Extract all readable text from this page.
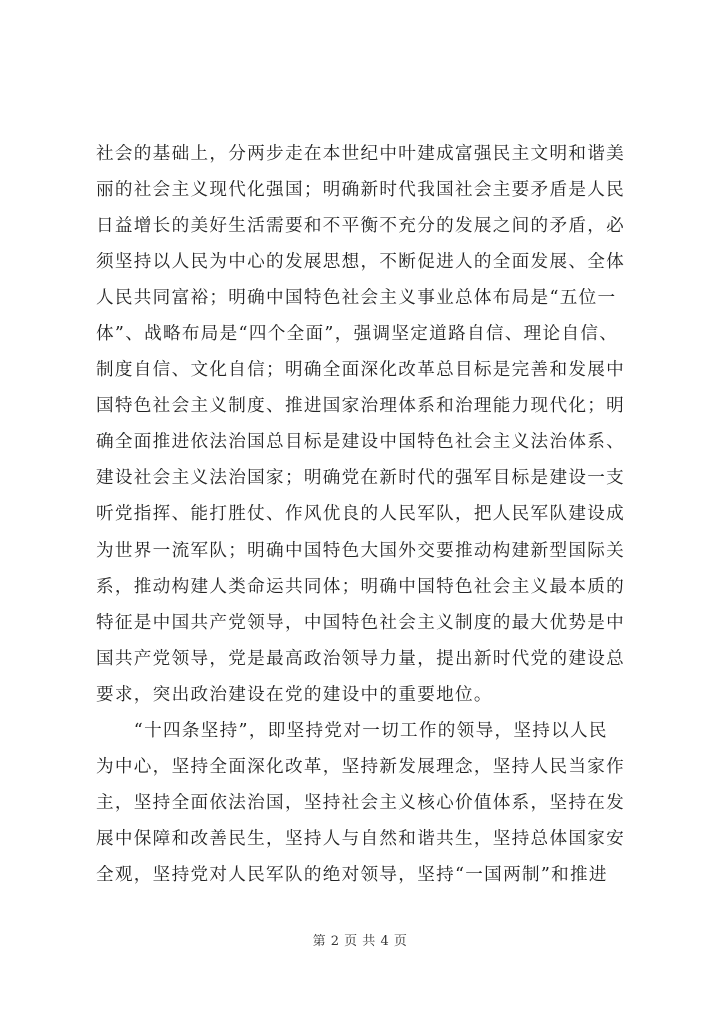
社会的基础上，分两步走在本世纪中叶建成富强民主文明和谐美
丽的社会主义现代化强国；明确新时代我国社会主要矛盾是人民
日益增长的美好生活需要和不平衡不充分的发展之间的矛盾，必
须坚持以人民为中心的发展思想，不断促进人的全面发展、全体
人民共同富裕；明确中国特色社会主义事业总体布局是“五位一
体”、战略布局是“四个全面”，强调坚定道路自信、理论自信、
制度自信、文化自信；明确全面深化改革总目标是完善和发展中
国特色社会主义制度、推进国家治理体系和治理能力现代化；明
确全面推进依法治国总目标是建设中国特色社会主义法治体系、
建设社会主义法治国家；明确党在新时代的强军目标是建设一支
听党指挥、能打胜仗、作风优良的人民军队，把人民军队建设成
为世界一流军队；明确中国特色大国外交要推动构建新型国际关
系，推动构建人类命运共同体；明确中国特色社会主义最本质的
特征是中国共产党领导，中国特色社会主义制度的最大优势是中
国共产党领导，党是最高政治领导力量，提出新时代党的建设总
要求，突出政治建设在党的建设中的重要地位。
　　“十四条坚持”，即坚持党对一切工作的领导，坚持以人民
为中心，坚持全面深化改革，坚持新发展理念，坚持人民当家作
主，坚持全面依法治国，坚持社会主义核心价值体系，坚持在发
展中保障和改善民生，坚持人与自然和谐共生，坚持总体国家安
全观，坚持党对人民军队的绝对领导，坚持“一国两制”和推进
第 2 页 共 4 页
